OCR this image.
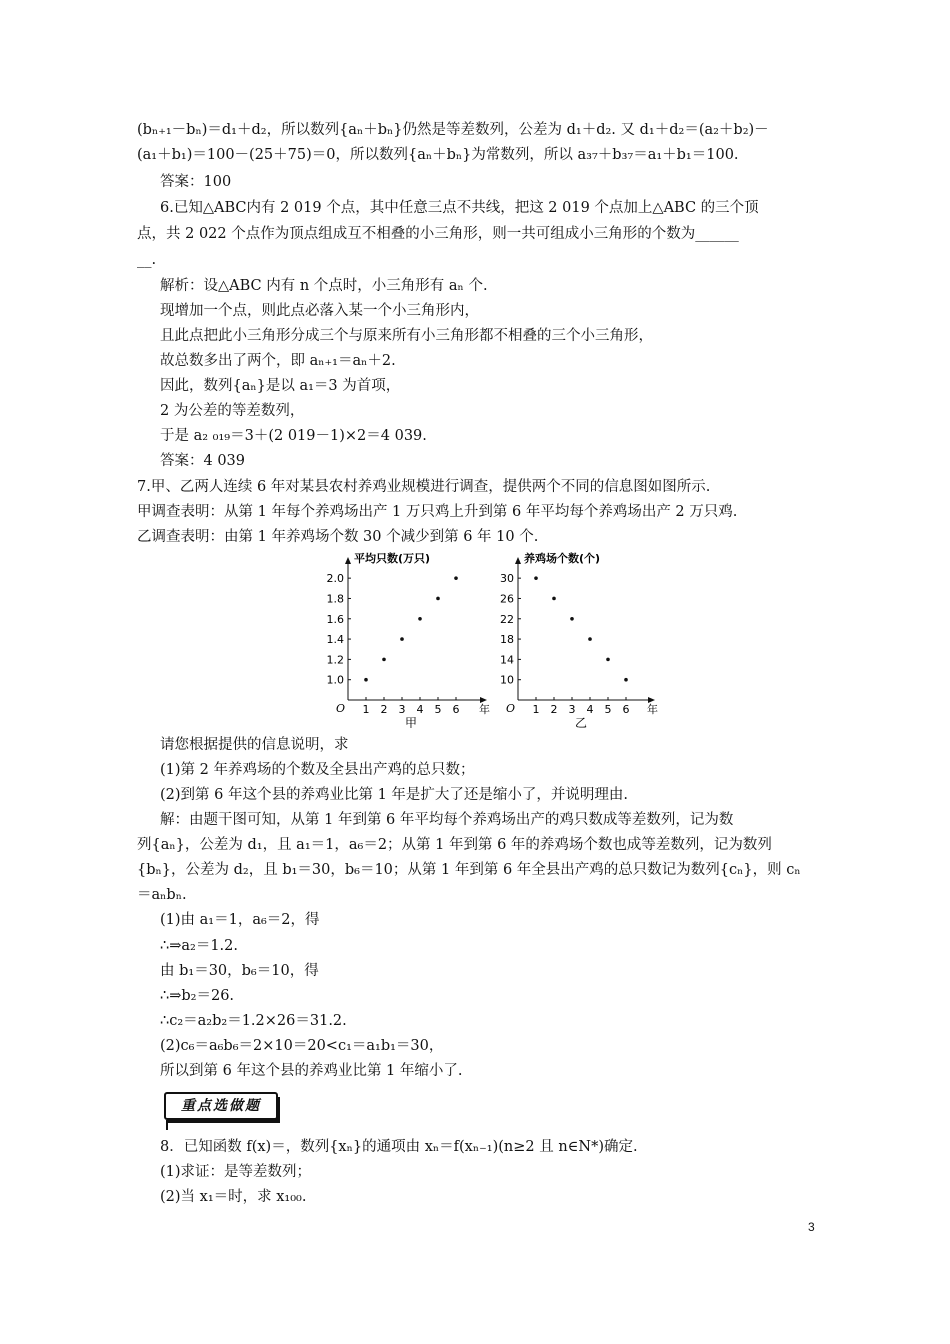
(bₙ₊₁－bₙ)＝d₁＋d₂，所以数列{aₙ＋bₙ}仍然是等差数列，公差为 d₁＋d₂. 又 d₁＋d₂＝(a₂＋b₂)－
(a₁＋b₁)＝100－(25＋75)＝0，所以数列{aₙ＋bₙ}为常数列，所以 a₃₇＋b₃₇＝a₁＋b₁＝100.
答案：100
6.已知△ABC内有 2 019 个点，其中任意三点不共线，把这 2 019 个点加上△ABC 的三个顶
点，共 2 022 个点作为顶点组成互不相叠的小三角形，则一共可组成小三角形的个数为______
__.
解析：设△ABC 内有 n 个点时，小三角形有 aₙ 个.
现增加一个点，则此点必落入某一个小三角形内，
且此点把此小三角形分成三个与原来所有小三角形都不相叠的三个小三角形，
故总数多出了两个，即 aₙ₊₁＝aₙ＋2.
因此，数列{aₙ}是以 a₁＝3 为首项，
2 为公差的等差数列，
于是 a₂ ₀₁₉＝3＋(2 019－1)×2＝4 039.
答案：4 039
7.甲、乙两人连续 6 年对某县农村养鸡业规模进行调查，提供两个不同的信息图如图所示.
甲调查表明：从第 1 年每个养鸡场出产 1 万只鸡上升到第 6 年平均每个养鸡场出产 2 万只鸡.
乙调查表明：由第 1 年养鸡场个数 30 个减少到第 6 年 10 个.
平均只数(万只)
O 1 2 3 4 5 6 年
1.0
1.2
1.4
1.6
1.8
2.0
甲
养鸡场个数(个)
O 1 2 3 4 5 6 年
10
14
18
22
26
30
乙
请您根据提供的信息说明，求
(1)第 2 年养鸡场的个数及全县出产鸡的总只数；
(2)到第 6 年这个县的养鸡业比第 1 年是扩大了还是缩小了，并说明理由.
解：由题干图可知，从第 1 年到第 6 年平均每个养鸡场出产的鸡只数成等差数列，记为数
列{aₙ}，公差为 d₁，且 a₁＝1，a₆＝2；从第 1 年到第 6 年的养鸡场个数也成等差数列，记为数列
{bₙ}，公差为 d₂，且 b₁＝30，b₆＝10；从第 1 年到第 6 年全县出产鸡的总只数记为数列{cₙ}，则 cₙ
＝aₙbₙ.
(1)由 a₁＝1，a₆＝2，得
∴⇒a₂＝1.2.
由 b₁＝30，b₆＝10，得
∴⇒b₂＝26.
∴c₂＝a₂b₂＝1.2×26＝31.2.
(2)c₆＝a₆b₆＝2×10＝20<c₁＝a₁b₁＝30，
所以到第 6 年这个县的养鸡业比第 1 年缩小了.
重点选做题
8．已知函数 f(x)＝，数列{xₙ}的通项由 xₙ＝f(xₙ₋₁)(n≥2 且 n∈N*)确定.
(1)求证：是等差数列；
(2)当 x₁＝时，求 x₁₀₀.
3
